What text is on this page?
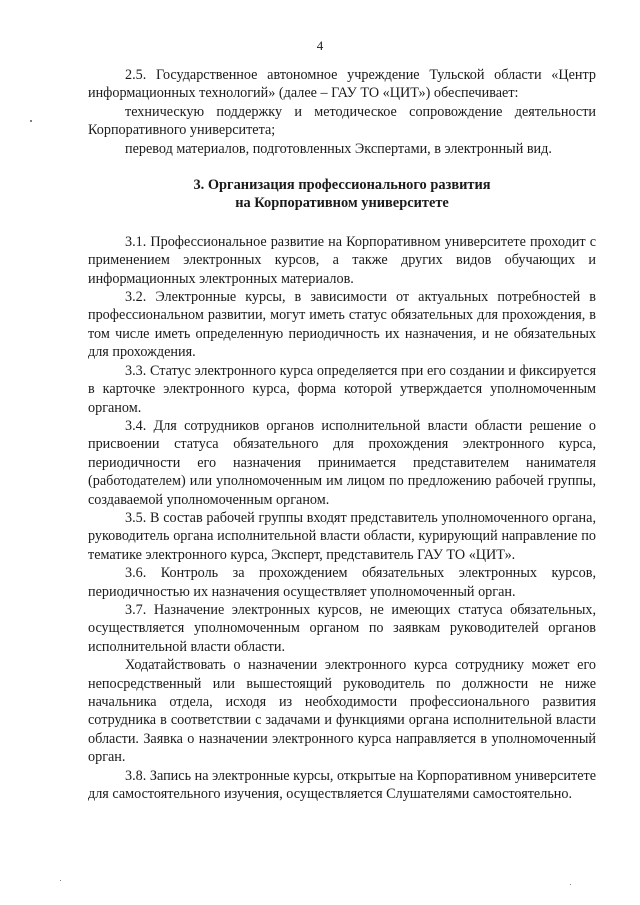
4

2.5. Государственное автономное учреждение Тульской области «Центр информационных технологий» (далее – ГАУ ТО «ЦИТ») обеспечивает:

техническую поддержку и методическое сопровождение деятельности Корпоративного университета;

перевод материалов, подготовленных Экспертами, в электронный вид.

3. Организация профессионального развития

на Корпоративном университете

3.1. Профессиональное развитие на Корпоративном университете проходит с применением электронных курсов, а также других видов обучающих и информационных электронных материалов.

3.2. Электронные курсы, в зависимости от актуальных потребностей в профессиональном развитии, могут иметь статус обязательных для прохождения, в том числе иметь определенную периодичность их назначения, и не обязательных для прохождения.

3.3. Статус электронного курса определяется при его создании и фиксируется в карточке электронного курса, форма которой утверждается уполномоченным органом.

3.4. Для сотрудников органов исполнительной власти области решение о присвоении статуса обязательного для прохождения электронного курса, периодичности его назначения принимается представителем нанимателя (работодателем) или уполномоченным им лицом по предложению рабочей группы, создаваемой уполномоченным органом.

3.5. В состав рабочей группы входят представитель уполномоченного органа, руководитель органа исполнительной власти области, курирующий направление по тематике электронного курса, Эксперт, представитель ГАУ ТО «ЦИТ».

3.6. Контроль за прохождением обязательных электронных курсов, периодичностью их назначения осуществляет уполномоченный орган.

3.7. Назначение электронных курсов, не имеющих статуса обязательных, осуществляется уполномоченным органом по заявкам руководителей органов исполнительной власти области.

Ходатайствовать о назначении электронного курса сотруднику может его непосредственный или вышестоящий руководитель по должности не ниже начальника отдела, исходя из необходимости профессионального развития сотрудника в соответствии с задачами и функциями органа исполнительной власти области. Заявка о назначении электронного курса направляется в уполномоченный орган.

3.8. Запись на электронные курсы, открытые на Корпоративном университете для самостоятельного изучения, осуществляется Слушателями самостоятельно.
